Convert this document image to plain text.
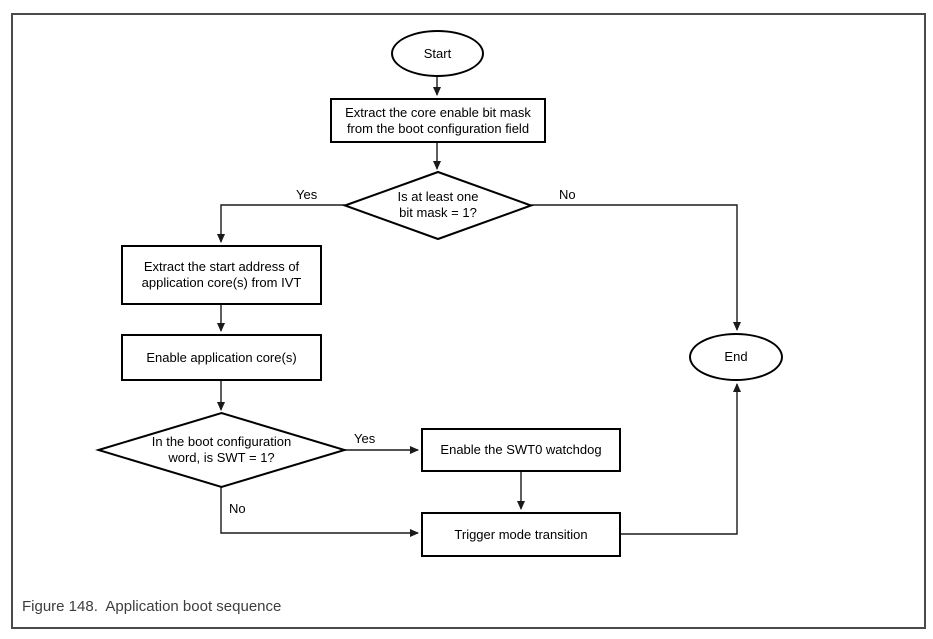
Start
Extract the core enable bit mask
from the boot configuration field
Is at least one
bit mask = 1?
Extract the start address of
application core(s) from IVT
Enable application core(s)
In the boot configuration
word, is SWT = 1?
Enable the SWT0 watchdog
Trigger mode transition
End
Yes	No
Yes
No
Figure 148.  Application boot sequence
